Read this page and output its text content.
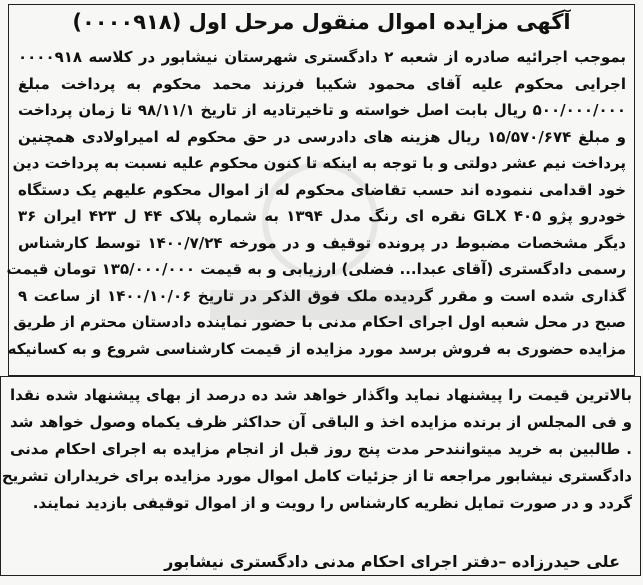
آگهی مزایده اموال منقول مرحل اول (۰۰۰۰۹۱۸)
بموجب اجرائیه صادره از شعبه ۲ دادگستری شهرستان نیشابور در کلاسه ۰۰۰۰۹۱۸
اجرایی محکوم علیه آقای محمود شکیبا فرزند محمد محکوم به پرداخت مبلغ
۵۰۰/۰۰۰/۰۰۰ ریال بابت اصل خواسته و تاخیرتادیه از تاریخ ۹۸/۱۱/۱ تا زمان پرداخت
و مبلغ ۱۵/۵۷۰/۶۷۴ ریال هزینه های دادرسی در حق محکوم له امیراولادی همچنین
پرداخت نیم عشر دولتی و با توجه به اینکه تا کنون محکوم علیه نسبت به پرداخت دین
خود اقدامی ننموده اند حسب تقاضای محکوم له از اموال محکوم علیهم یک دستگاه
خودرو پژو GLX ۴۰۵ نقره ای رنگ مدل ۱۳۹۴ به شماره پلاک ۴۴ ل ۴۲۳ ایران ۳۶
دیگر مشخصات مضبوط در پرونده توقیف و در مورخه ۱۴۰۰/۷/۲۴ توسط کارشناس
رسمی دادگستری (آقای عبدا... فضلی) ارزیابی و به قیمت ۱۳۵/۰۰۰/۰۰۰ تومان قیمت
گذاری شده است و مقرر گردیده ملک فوق الذکر در تاریخ ۱۴۰۰/۱۰/۰۶ از ساعت ۹
صبح در محل شعبه اول اجرای احکام مدنی با حضور نماینده دادستان محترم از طریق
مزایده حضوری به فروش برسد مورد مزایده از قیمت کارشناسی شروع و به کسانیکه
بالاترین قیمت را پیشنهاد نماید واگذار خواهد شد ده درصد از بهای پیشنهاد شده نقدا
و فی المجلس از برنده مزایده اخذ و الباقی آن حداکثر ظرف یکماه وصول خواهد شد
. طالبین به خرید میتوانندحر مدت پنج روز قبل از انجام مزایده به اجرای احکام مدنی
دادگستری نیشابور مراجعه تا از جزئیات کامل اموال مورد مزایده برای خریداران تشریح
گردد و در صورت تمایل نظریه کارشناس را رویت و از اموال توقیفی بازدید نمایند.
علی حیدرزاده –دفتر اجرای احکام مدنی دادگستری نیشابور
